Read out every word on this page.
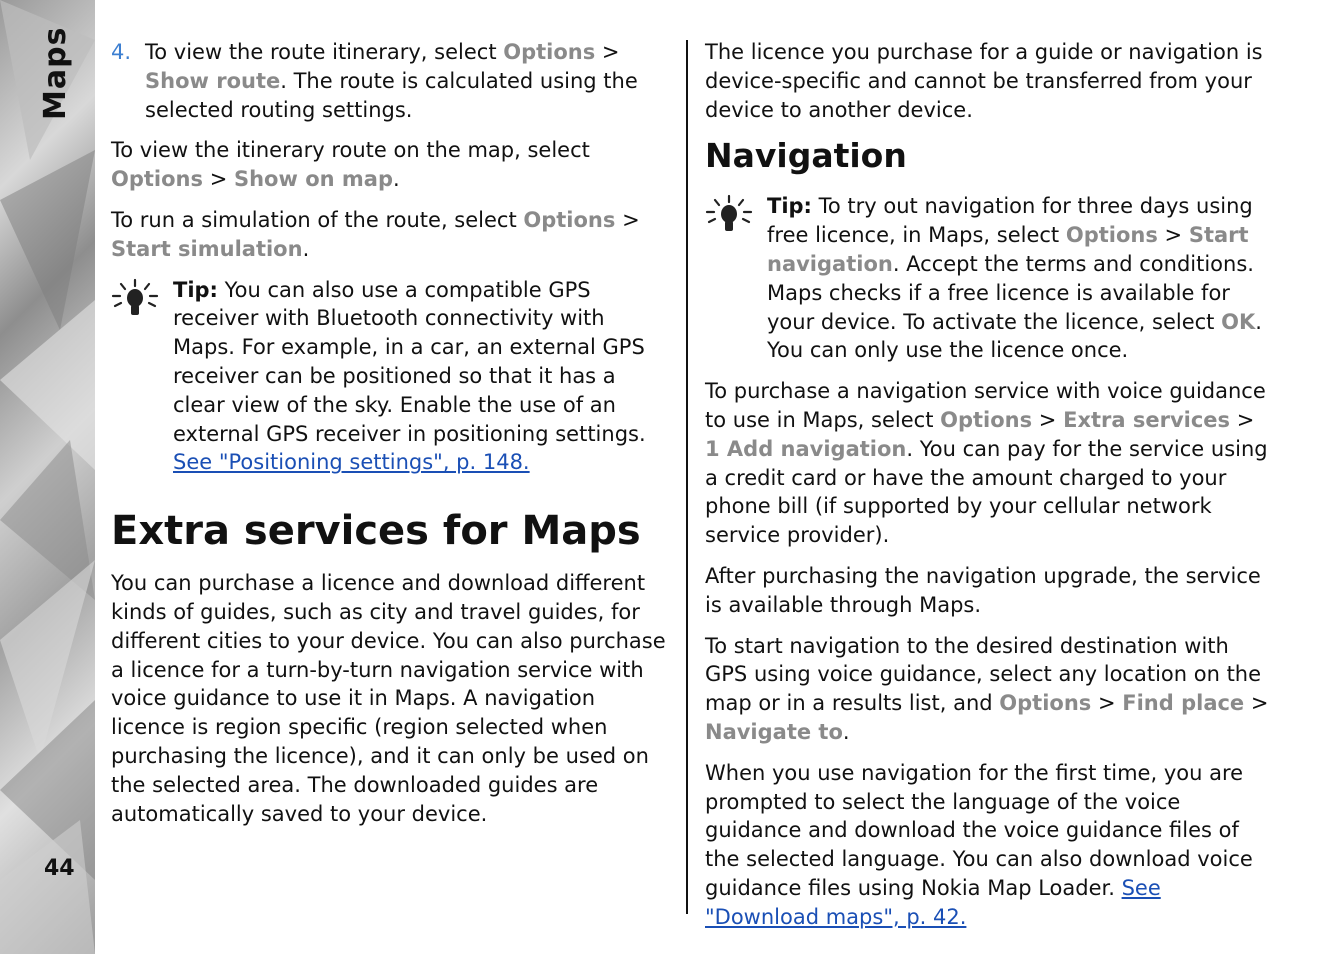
Maps
44
4. To view the route itinerary, select Options > Show route. The route is calculated using the selected routing settings.

To view the itinerary route on the map, select Options > Show on map.

To run a simulation of the route, select Options > Start simulation.

Tip: You can also use a compatible GPS receiver with Bluetooth connectivity with Maps. For example, in a car, an external GPS receiver can be positioned so that it has a clear view of the sky. Enable the use of an external GPS receiver in positioning settings. See "Positioning settings", p. 148.
Extra services for Maps

You can purchase a licence and download different kinds of guides, such as city and travel guides, for different cities to your device. You can also purchase a licence for a turn-by-turn navigation service with voice guidance to use it in Maps. A navigation licence is region specific (region selected when purchasing the licence), and it can only be used on the selected area. The downloaded guides are automatically saved to your device.

The licence you purchase for a guide or navigation is device-specific and cannot be transferred from your device to another device.

Navigation
Tip: To try out navigation for three days using free licence, in Maps, select Options > Start navigation. Accept the terms and conditions. Maps checks if a free licence is available for your device. To activate the licence, select OK. You can only use the licence once.

To purchase a navigation service with voice guidance to use in Maps, select Options > Extra services > 1 Add navigation. You can pay for the service using a credit card or have the amount charged to your phone bill (if supported by your cellular network service provider).

After purchasing the navigation upgrade, the service is available through Maps.

To start navigation to the desired destination with GPS using voice guidance, select any location on the map or in a results list, and Options > Find place > Navigate to.

When you use navigation for the first time, you are prompted to select the language of the voice guidance and download the voice guidance files of the selected language. You can also download voice guidance files using Nokia Map Loader. See "Download maps", p. 42.
